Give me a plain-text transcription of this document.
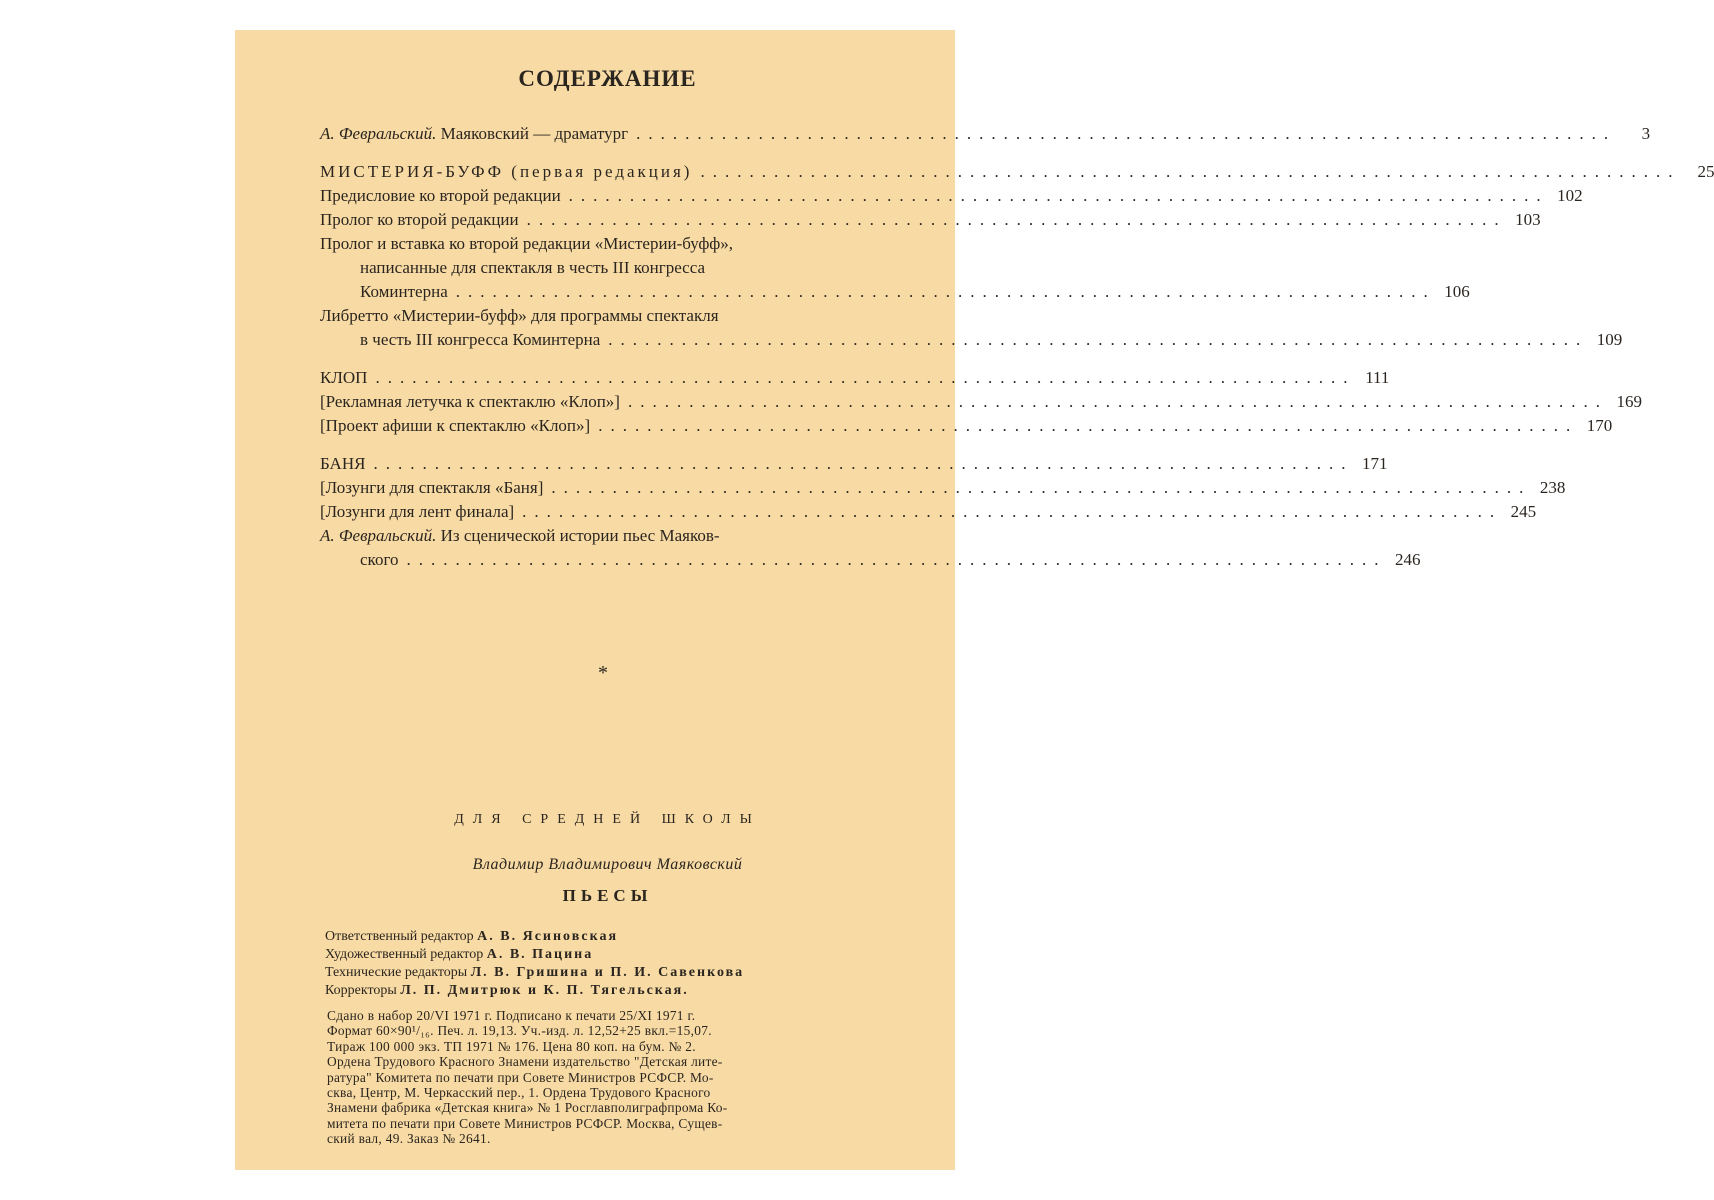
СОДЕРЖАНИЕ
А. Февральский. Маяковский — драматург ................................................................................	3
МИСТЕРИЯ-БУФФ (первая редакция) ................................................................................	25
Предисловие ко второй редакции ................................................................................ 102
Пролог ко второй редакции ................................................................................ 103
Пролог и вставка ко второй редакции «Мистерии-буфф»,
написанные для спектакля в честь III конгресса
Коминтерна ................................................................................ 106
Либретто «Мистерии-буфф» для программы спектакля
в честь III конгресса Коминтерна ................................................................................ 109
КЛОП ................................................................................ 111
[Рекламная летучка к спектаклю «Клоп»] ................................................................................ 169
[Проект афиши к спектаклю «Клоп»] ................................................................................ 170
БАНЯ ................................................................................ 171
[Лозунги для спектакля «Баня] ................................................................................ 238
[Лозунги для лент финала] ................................................................................ 245
А. Февральский. Из сценической истории пьес Маяков-
ского ................................................................................ 246
*
ДЛЯ СРЕДНЕЙ ШКОЛЫ
Владимир Владимирович Маяковский
ПЬЕСЫ
Ответственный редактор А. В. Ясиновская
Художественный редактор А. В. Пацина
Технические редакторы Л. В. Гришина и П. И. Савенкова
Корректоры Л. П. Дмитрюк и К. П. Тягельская.
Сдано в набор 20/VI 1971 г. Подписано к печати 25/XI 1971 г.
Формат 60×90¹/₁₆. Печ. л. 19,13. Уч.-изд. л. 12,52+25 вкл.=15,07.
Тираж 100 000 экз. ТП 1971 № 176. Цена 80 коп. на бум. № 2.
Ордена Трудового Красного Знамени издательство "Детская лите-
ратура" Комитета по печати при Совете Министров РСФСР. Мо-
сква, Центр, М. Черкасский пер., 1. Ордена Трудового Красного
Знамени фабрика «Детская книга» № 1 Росглавполиграфпрома Ко-
митета по печати при Совете Министров РСФСР. Москва, Сущев-
ский вал, 49. Заказ № 2641.
